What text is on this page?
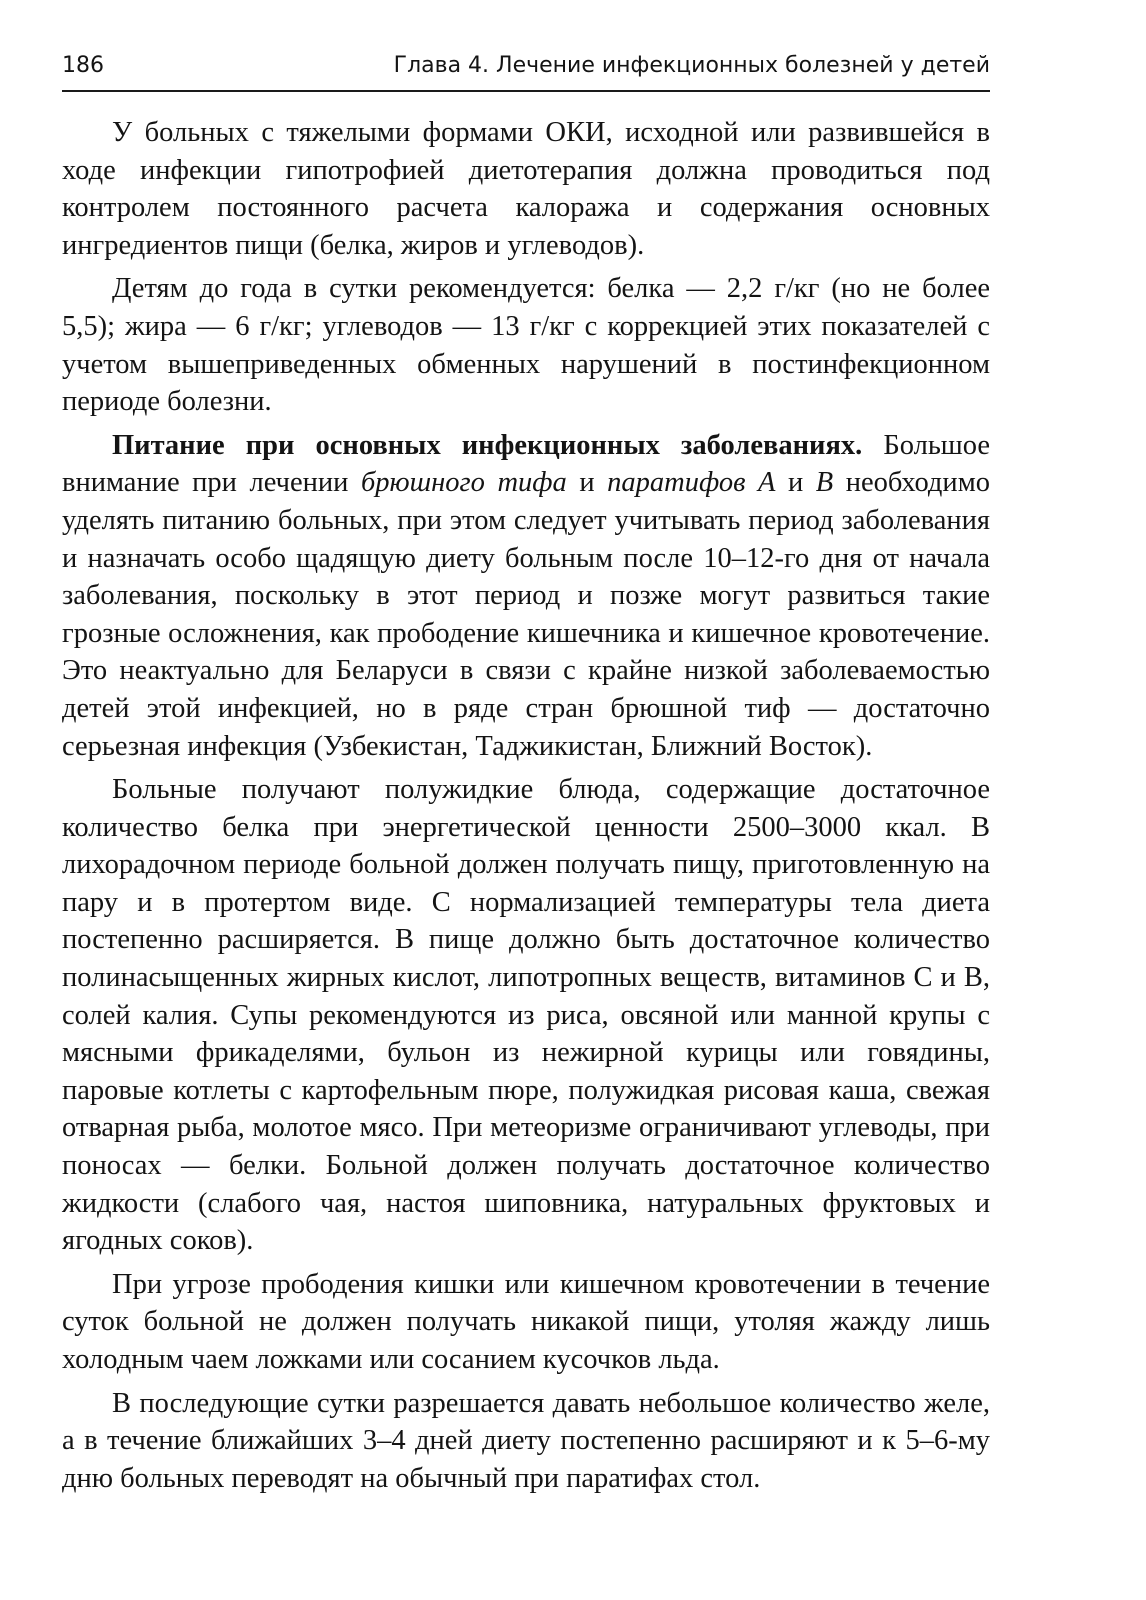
186	Глава 4. Лечение инфекционных болезней у детей

У больных с тяжелыми формами ОКИ, исходной или развившейся в ходе инфекции гипотрофией диетотерапия должна проводиться под контролем постоянного расчета калоража и содержания основных ингредиентов пищи (белка, жиров и углеводов).

Детям до года в сутки рекомендуется: белка — 2,2 г/кг (но не более 5,5); жира — 6 г/кг; углеводов — 13 г/кг с коррекцией этих показателей с учетом вышеприведенных обменных нарушений в постинфекционном периоде болезни.

Питание при основных инфекционных заболеваниях. Большое внимание при лечении брюшного тифа и паратифов А и В необходимо уделять питанию больных, при этом следует учитывать период заболевания и назначать особо щадящую диету больным после 10–12-го дня от начала заболевания, поскольку в этот период и позже могут развиться такие грозные осложнения, как прободение кишечника и кишечное кровотечение. Это неактуально для Беларуси в связи с крайне низкой заболеваемостью детей этой инфекцией, но в ряде стран брюшной тиф — достаточно серьезная инфекция (Узбекистан, Таджикистан, Ближний Восток).

Больные получают полужидкие блюда, содержащие достаточное количество белка при энергетической ценности 2500–3000 ккал. В лихорадочном периоде больной должен получать пищу, приготовленную на пару и в протертом виде. С нормализацией температуры тела диета постепенно расширяется. В пище должно быть достаточное количество полинасыщенных жирных кислот, липотропных веществ, витаминов С и В, солей калия. Супы рекомендуются из риса, овсяной или манной крупы с мясными фрикаделями, бульон из нежирной курицы или говядины, паровые котлеты с картофельным пюре, полужидкая рисовая каша, свежая отварная рыба, молотое мясо. При метеоризме ограничивают углеводы, при поносах — белки. Больной должен получать достаточное количество жидкости (слабого чая, настоя шиповника, натуральных фруктовых и ягодных соков).

При угрозе прободения кишки или кишечном кровотечении в течение суток больной не должен получать никакой пищи, утоляя жажду лишь холодным чаем ложками или сосанием кусочков льда.

В последующие сутки разрешается давать небольшое количество желе, а в течение ближайших 3–4 дней диету постепенно расширяют и к 5–6-му дню больных переводят на обычный при паратифах стол.
